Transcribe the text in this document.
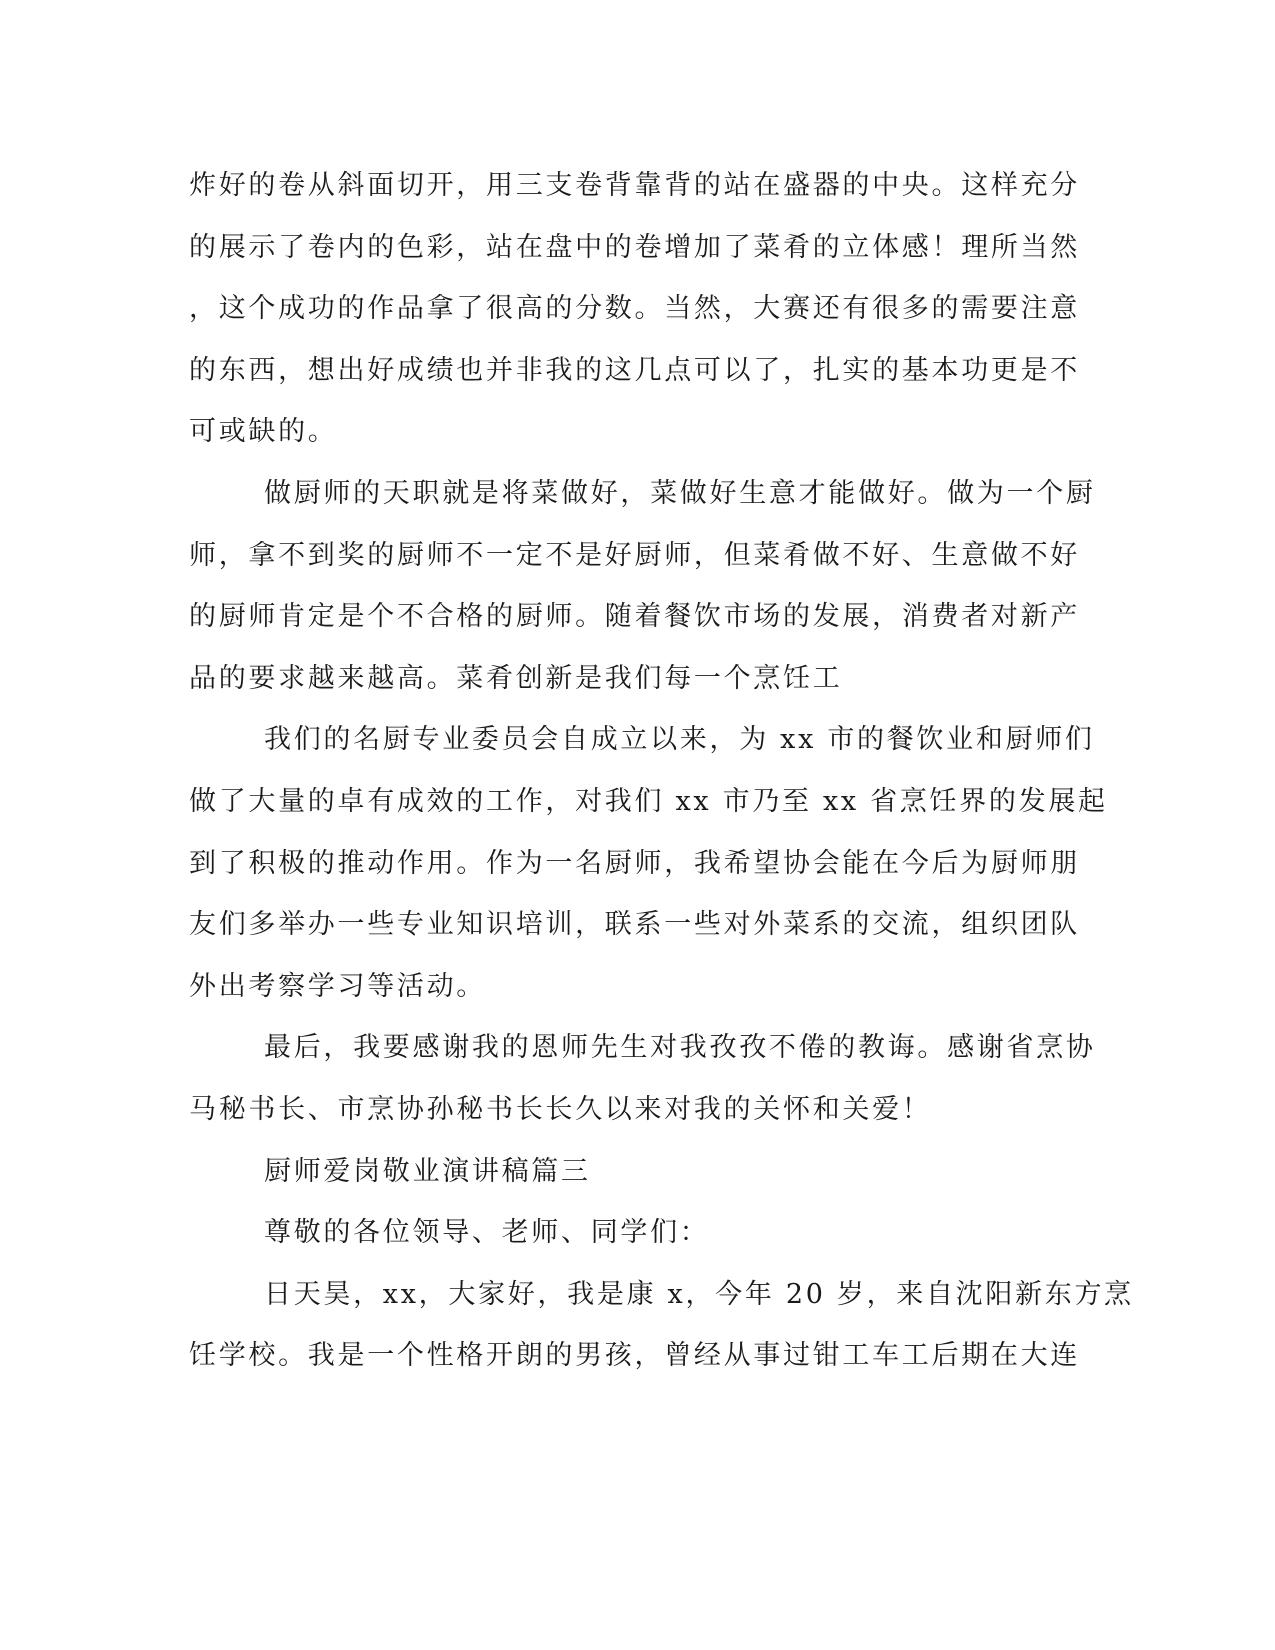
炸好的卷从斜面切开，用三支卷背靠背的站在盛器的中央。这样充分
的展示了卷内的色彩，站在盘中的卷增加了菜肴的立体感！理所当然
，这个成功的作品拿了很高的分数。当然，大赛还有很多的需要注意
的东西，想出好成绩也并非我的这几点可以了，扎实的基本功更是不
可或缺的。
做厨师的天职就是将菜做好，菜做好生意才能做好。做为一个厨
师，拿不到奖的厨师不一定不是好厨师，但菜肴做不好、生意做不好
的厨师肯定是个不合格的厨师。随着餐饮市场的发展，消费者对新产
品的要求越来越高。菜肴创新是我们每一个烹饪工
我们的名厨专业委员会自成立以来，为 xx 市的餐饮业和厨师们
做了大量的卓有成效的工作，对我们 xx 市乃至 xx 省烹饪界的发展起
到了积极的推动作用。作为一名厨师，我希望协会能在今后为厨师朋
友们多举办一些专业知识培训，联系一些对外菜系的交流，组织团队
外出考察学习等活动。
最后，我要感谢我的恩师先生对我孜孜不倦的教诲。感谢省烹协
马秘书长、市烹协孙秘书长长久以来对我的关怀和关爱！
厨师爱岗敬业演讲稿篇三
尊敬的各位领导、老师、同学们：
日天昊，xx，大家好，我是康 x，今年 20 岁，来自沈阳新东方烹
饪学校。我是一个性格开朗的男孩，曾经从事过钳工车工后期在大连
